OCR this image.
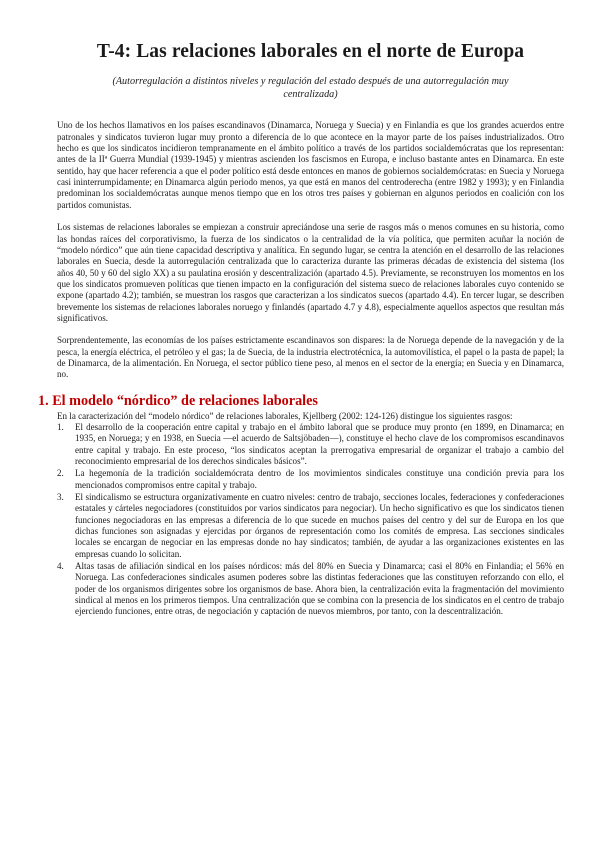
T-4: Las relaciones laborales en el norte de Europa
(Autorregulación a distintos niveles y regulación del estado después de una autorregulación muy centralizada)

Uno de los hechos llamativos en los países escandinavos (Dinamarca, Noruega y Suecia) y en Finlandia es que los grandes acuerdos entre patronales y sindicatos tuvieron lugar muy pronto a diferencia de lo que acontece en la mayor parte de los países industrializados. Otro hecho es que los sindicatos incidieron tempranamente en el ámbito político a través de los partidos socialdemócratas que los representan: antes de la IIª Guerra Mundial (1939-1945) y mientras ascienden los fascismos en Europa, e incluso bastante antes en Dinamarca. En este sentido, hay que hacer referencia a que el poder político está desde entonces en manos de gobiernos socialdemócratas: en Suecia y Noruega casi ininterrumpidamente; en Dinamarca algún periodo menos, ya que está en manos del centroderecha (entre 1982 y 1993); y en Finlandia predominan los socialdemócratas aunque menos tiempo que en los otros tres países y gobiernan en algunos periodos en coalición con los partidos comunistas.

Los sistemas de relaciones laborales se empiezan a construir apreciándose una serie de rasgos más o menos comunes en su historia, como las hondas raíces del corporativismo, la fuerza de los sindicatos o la centralidad de la vía política, que permiten acuñar la noción de “modelo nórdico” que aún tiene capacidad descriptiva y analítica. En segundo lugar, se centra la atención en el desarrollo de las relaciones laborales en Suecia, desde la autorregulación centralizada que lo caracteriza durante las primeras décadas de existencia del sistema (los años 40, 50 y 60 del siglo XX) a su paulatina erosión y descentralización (apartado 4.5). Previamente, se reconstruyen los momentos en los que los sindicatos promueven políticas que tienen impacto en la configuración del sistema sueco de relaciones laborales cuyo contenido se expone (apartado 4.2); también, se muestran los rasgos que caracterizan a los sindicatos suecos (apartado 4.4). En tercer lugar, se describen brevemente los sistemas de relaciones laborales noruego y finlandés (apartado 4.7 y 4.8), especialmente aquellos aspectos que resultan más significativos.

Sorprendentemente, las economías de los países estrictamente escandinavos son dispares: la de Noruega depende de la navegación y de la pesca, la energía eléctrica, el petróleo y el gas; la de Suecia, de la industria electrotécnica, la automovilística, el papel o la pasta de papel; la de Dinamarca, de la alimentación. En Noruega, el sector público tiene peso, al menos en el sector de la energía; en Suecia y en Dinamarca, no.

1. El modelo “nórdico” de relaciones laborales

En la caracterización del “modelo nórdico” de relaciones laborales, Kjellberg (2002: 124-126) distingue los siguientes rasgos:

1. El desarrollo de la cooperación entre capital y trabajo en el ámbito laboral que se produce muy pronto (en 1899, en Dinamarca; en 1935, en Noruega; y en 1938, en Suecia —el acuerdo de Saltsjöbaden—), constituye el hecho clave de los compromisos escandinavos entre capital y trabajo. En este proceso, “los sindicatos aceptan la prerrogativa empresarial de organizar el trabajo a cambio del reconocimiento empresarial de los derechos sindicales básicos”.
2. La hegemonía de la tradición socialdemócrata dentro de los movimientos sindicales constituye una condición previa para los mencionados compromisos entre capital y trabajo.
3. El sindicalismo se estructura organizativamente en cuatro niveles: centro de trabajo, secciones locales, federaciones y confederaciones estatales y cárteles negociadores (constituidos por varios sindicatos para negociar). Un hecho significativo es que los sindicatos tienen funciones negociadoras en las empresas a diferencia de lo que sucede en muchos países del centro y del sur de Europa en los que dichas funciones son asignadas y ejercidas por órganos de representación como los comités de empresa. Las secciones sindicales locales se encargan de negociar en las empresas donde no hay sindicatos; también, de ayudar a las organizaciones existentes en las empresas cuando lo solicitan.
4. Altas tasas de afiliación sindical en los países nórdicos: más del 80% en Suecia y Dinamarca; casi el 80% en Finlandia; el 56% en Noruega. Las confederaciones sindicales asumen poderes sobre las distintas federaciones que las constituyen reforzando con ello, el poder de los organismos dirigentes sobre los organismos de base. Ahora bien, la centralización evita la fragmentación del movimiento sindical al menos en los primeros tiempos. Una centralización que se combina con la presencia de los sindicatos en el centro de trabajo ejerciendo funciones, entre otras, de negociación y captación de nuevos miembros, por tanto, con la descentralización.
